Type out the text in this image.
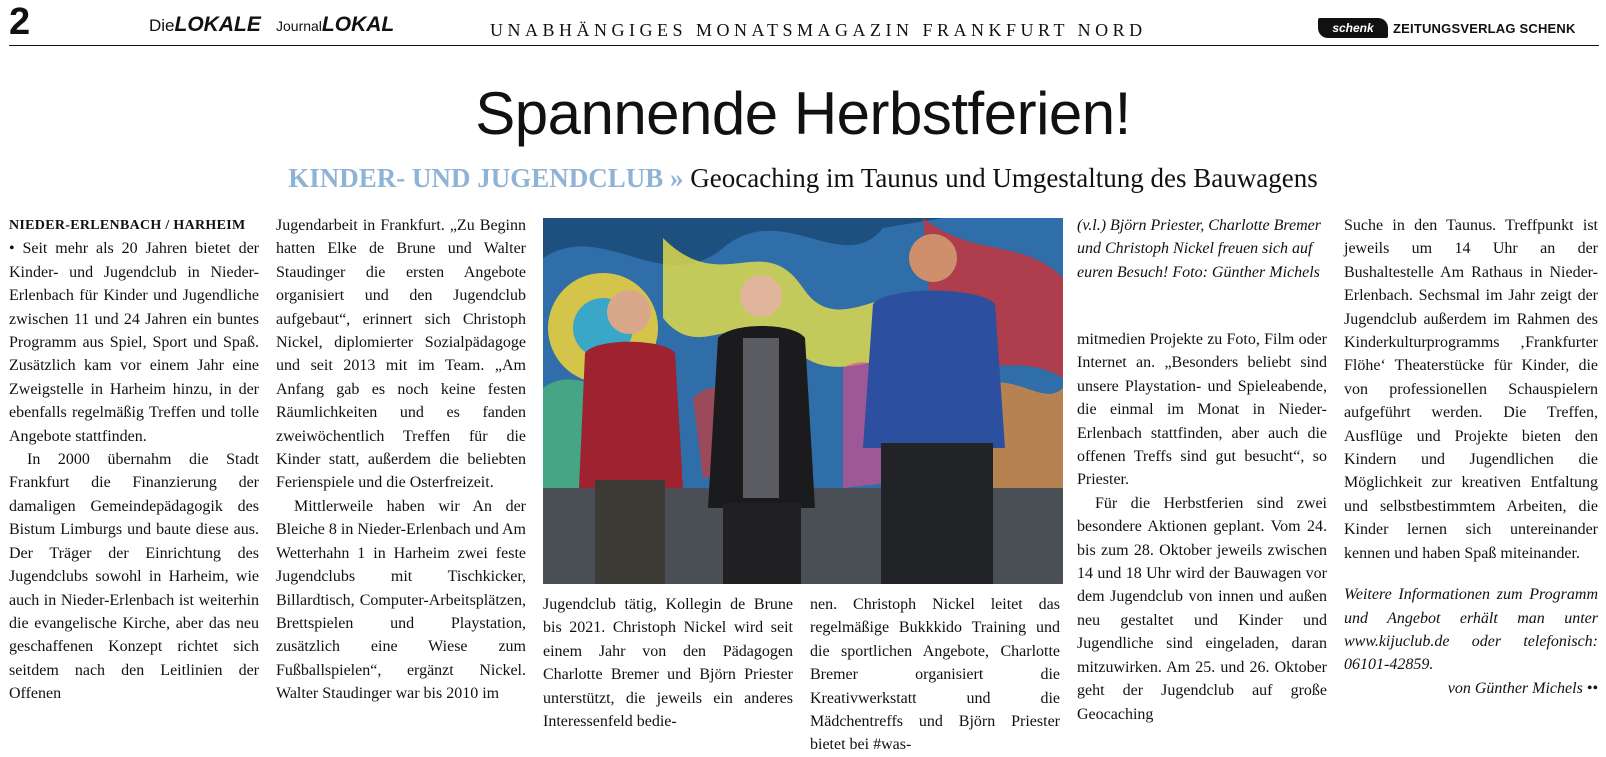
2	DieLOKALE JournalLOKAL	UNABHÄNGIGES MONATSMAGAZIN FRANKFURT NORD	schenk	ZEITUNGSVERLAG SCHENK
Spannende Herbstferien!
KINDER- UND JUGENDCLUB » Geocaching im Taunus und Umgestaltung des Bauwagens

NIEDER-ERLENBACH / HARHEIM

• Seit mehr als 20 Jahren bietet der Kinder- und Jugendclub in Nieder-Erlenbach für Kinder und Jugendliche zwischen 11 und 24 Jahren ein buntes Programm aus Spiel, Sport und Spaß. Zusätzlich kam vor einem Jahr eine Zweigstelle in Harheim hinzu, in der ebenfalls regelmäßig Treffen und tolle Angebote stattfinden.

In 2000 übernahm die Stadt Frankfurt die Finanzierung der damaligen Gemeindepädagogik des Bistum Limburgs und baute diese aus. Der Träger der Einrichtung des Jugendclubs sowohl in Harheim, wie auch in Nieder-Erlenbach ist weiterhin die evangelische Kirche, aber das neu geschaffenen Konzept richtet sich seitdem nach den Leitlinien der Offenen

Jugendarbeit in Frankfurt. „Zu Beginn hatten Elke de Brune und Walter Staudinger die ersten Angebote organisiert und den Jugendclub aufgebaut“, erinnert sich Christoph Nickel, diplomierter Sozialpädagoge und seit 2013 mit im Team. „Am Anfang gab es noch keine festen Räumlichkeiten und es fanden zweiwöchentlich Treffen für die Kinder statt, außerdem die beliebten Ferienspiele und die Osterfreizeit.

Mittlerweile haben wir An der Bleiche 8 in Nieder-Erlenbach und Am Wetterhahn 1 in Harheim zwei feste Jugendclubs mit Tischkicker, Billardtisch, Computer-Arbeitsplätzen, Brettspielen und Playstation, zusätzlich eine Wiese zum Fußballspielen“, ergänzt Nickel. Walter Staudinger war bis 2010 im

Jugendclub tätig, Kollegin de Brune bis 2021. Christoph Nickel wird seit einem Jahr von den Pädagogen Charlotte Bremer und Björn Priester unterstützt, die jeweils ein anderes Interessenfeld bedie-

nen. Christoph Nickel leitet das regelmäßige Bukkkido Training und die sportlichen Angebote, Charlotte Bremer organisiert die Kreativwerkstatt und die Mädchentreffs und Björn Priester bietet bei #was-

(v.l.) Björn Priester, Charlotte Bremer und Christoph Nickel freuen sich auf euren Besuch! Foto: Günther Michels

mitmedien Projekte zu Foto, Film oder Internet an. „Besonders beliebt sind unsere Playstation- und Spieleabende, die einmal im Monat in Nieder-Erlenbach stattfinden, aber auch die offenen Treffs sind gut besucht“, so Priester.

Für die Herbstferien sind zwei besondere Aktionen geplant. Vom 24. bis zum 28. Oktober jeweils zwischen 14 und 18 Uhr wird der Bauwagen vor dem Jugendclub von innen und außen neu gestaltet und Kinder und Jugendliche sind eingeladen, daran mitzuwirken. Am 25. und 26. Oktober geht der Jugendclub auf große Geocaching

Suche in den Taunus. Treffpunkt ist jeweils um 14 Uhr an der Bushaltestelle Am Rathaus in Nieder-Erlenbach. Sechsmal im Jahr zeigt der Jugendclub außerdem im Rahmen des Kinderkulturprogramms ‚Frankfurter Flöhe‘ Theaterstücke für Kinder, die von professionellen Schauspielern aufgeführt werden. Die Treffen, Ausflüge und Projekte bieten den Kindern und Jugendlichen die Möglichkeit zur kreativen Entfaltung und selbstbestimmtem Arbeiten, die Kinder lernen sich untereinander kennen und haben Spaß miteinander.

Weitere Informationen zum Programm und Angebot erhält man unter www.kijuclub.de oder telefonisch: 06101-42859.

von Günther Michels ••
